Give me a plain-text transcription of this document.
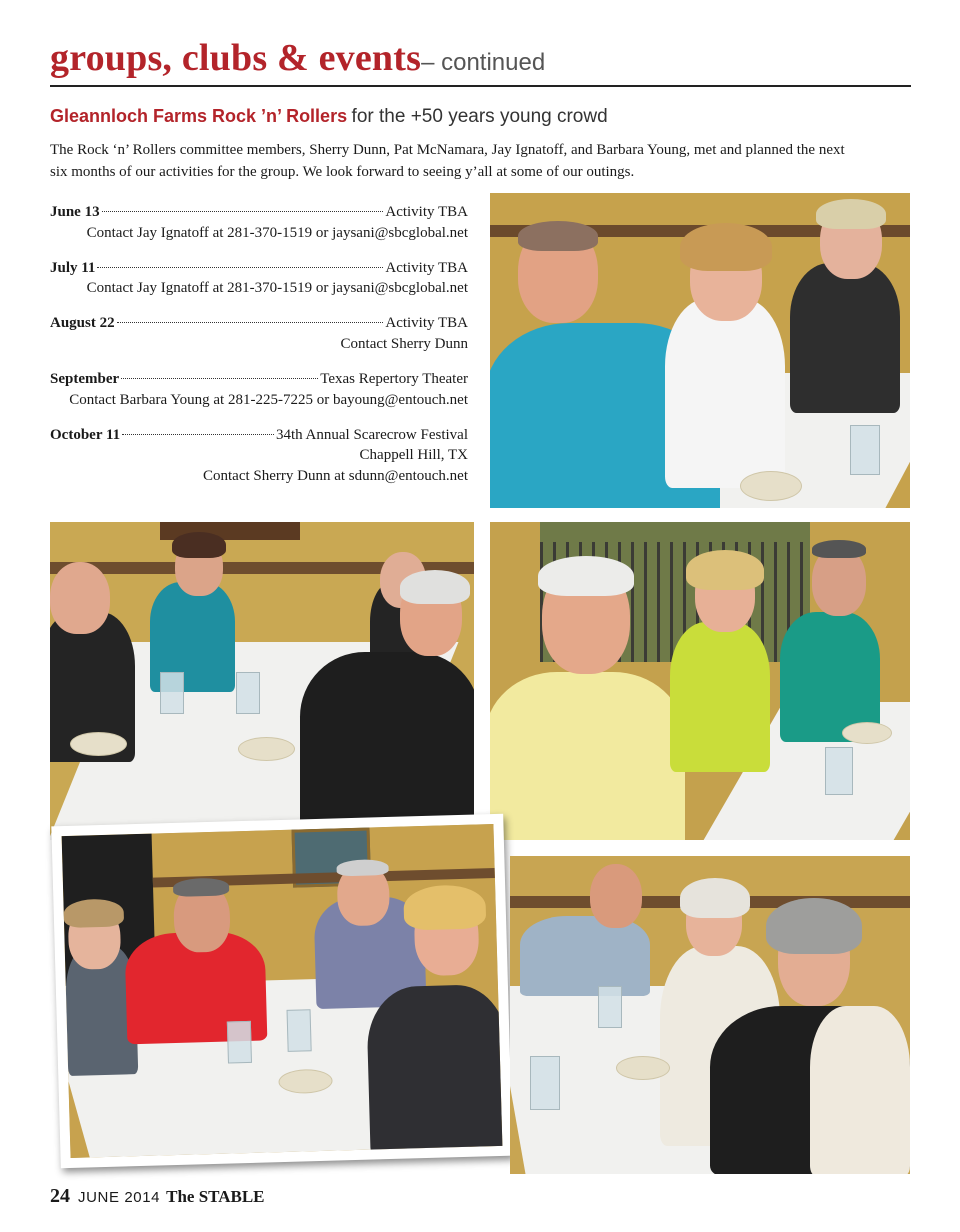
groups, clubs & events– continued
Gleannloch Farms Rock ’n’ Rollers for the +50 years young crowd
The Rock ‘n’ Rollers committee members, Sherry Dunn, Pat McNamara, Jay Ignatoff, and Barbara Young, met and planned the next six months of our activities for the group. We look forward to seeing y’all at some of our outings.
June 13	Activity TBA
Contact Jay Ignatoff at 281-370-1519 or jaysani@sbcglobal.net
July 11	Activity TBA
Contact Jay Ignatoff at 281-370-1519 or jaysani@sbcglobal.net
August 22	Activity TBA
Contact Sherry Dunn
September	Texas Repertory Theater
Contact Barbara Young at 281-225-7225 or bayoung@entouch.net
October 11	34th Annual Scarecrow Festival
Chappell Hill, TX
Contact Sherry Dunn at sdunn@entouch.net
24 JUNE 2014 The STABLE
